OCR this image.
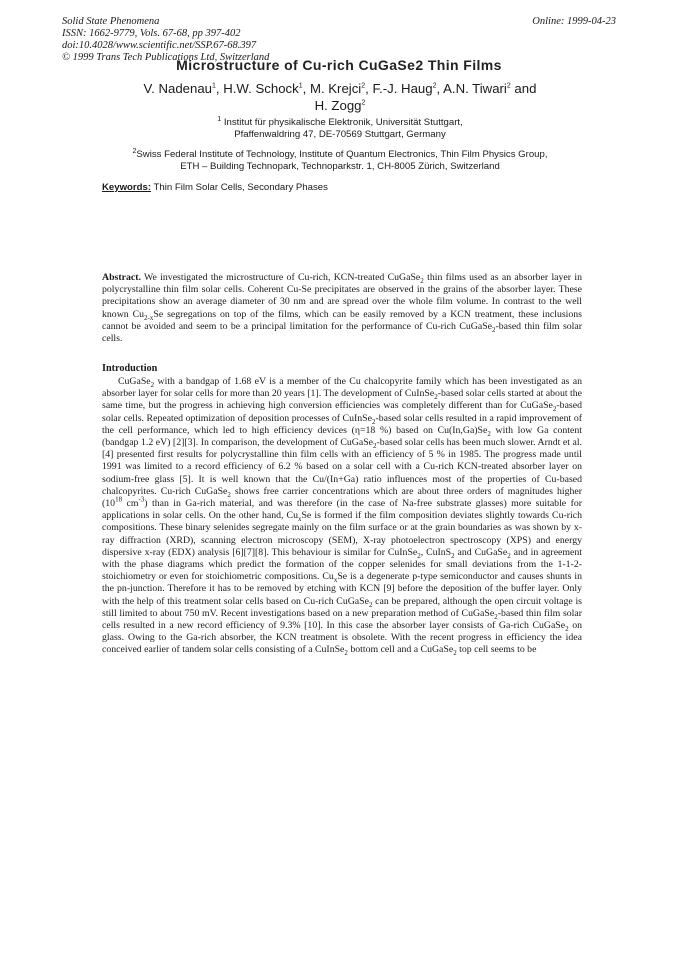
Solid State Phenomena
ISSN: 1662-9779, Vols. 67-68, pp 397-402
doi:10.4028/www.scientific.net/SSP.67-68.397
© 1999 Trans Tech Publications Ltd, Switzerland
Online: 1999-04-23
Microstructure of Cu-rich CuGaSe2 Thin Films
V. Nadenau$^1$, H.W. Schock$^1$, M. Krejci$^2$, F.-J. Haug$^2$, A.N. Tiwari$^2$ and
H. Zogg$^2$
$^1$ Institut für physikalische Elektronik, Universität Stuttgart,
Pfaffenwaldring 47, DE-70569 Stuttgart, Germany
$^2$Swiss Federal Institute of Technology, Institute of Quantum Electronics, Thin Film Physics Group,
ETH – Building Technopark, Technoparkstr. 1, CH-8005 Zürich, Switzerland
Keywords: Thin Film Solar Cells, Secondary Phases
Abstract. We investigated the microstructure of Cu-rich, KCN-treated CuGaSe$_2$ thin films used as an absorber layer in polycrystalline thin film solar cells. Coherent Cu-Se precipitates are observed in the grains of the absorber layer. These precipitations show an average diameter of 30 nm and are spread over the whole film volume. In contrast to the well known $Cu_{2-x}Se$ segregations on top of the films, which can be easily removed by a KCN treatment, these inclusions cannot be avoided and seem to be a principal limitation for the performance of Cu-rich CuGaSe$_2$-based thin film solar cells.
Introduction
CuGaSe$_2$ with a bandgap of 1.68 eV is a member of the Cu chalcopyrite family which has been investigated as an absorber layer for solar cells for more than 20 years [1]. The development of CuInSe$_2$-based solar cells started at about the same time, but the progress in achieving high conversion efficiencies was completely different than for CuGaSe$_2$-based solar cells. Repeated optimization of deposition processes of CuInSe$_2$-based solar cells resulted in a rapid improvement of the cell performance, which led to high efficiency devices (η=18 %) based on $Cu(In,Ga)Se_2$ with low Ga content (bandgap 1.2 eV) [2][3]. In comparison, the development of CuGaSe$_2$-based solar cells has been much slower. Arndt et al.[4] presented first results for polycrystalline thin film cells with an efficiency of 5 % in 1985. The progress made until 1991 was limited to a record efficiency of 6.2 % based on a solar cell with a Cu-rich KCN-treated absorber layer on sodium-free glass [5]. It is well known that the Cu/(In+Ga) ratio influences most of the properties of Cu-based chalcopyrites. Cu-rich CuGaSe$_2$ shows free carrier concentrations which are about three orders of magnitudes higher ($10^{18}$ $cm^{-3}$) than in Ga-rich material, and was therefore (in the case of Na-free substrate glasses) more suitable for applications in solar cells. On the other hand, $Cu_xSe$ is formed if the film composition deviates slightly towards Cu-rich compositions. These binary selenides segregate mainly on the film surface or at the grain boundaries as was shown by x-ray diffraction (XRD), scanning electron microscopy (SEM), X-ray photoelectron spectroscopy (XPS) and energy dispersive x-ray (EDX) analysis [6][7][8]. This behaviour is similar for CuInSe$_2$, CuInS$_2$ and CuGaSe$_2$ and in agreement with the phase diagrams which predict the formation of the copper selenides for small deviations from the 1-1-2-stoichiometry or even for stoichiometric compositions. $Cu_xSe$ is a degenerate p-type semiconductor and causes shunts in the pn-junction. Therefore it has to be removed by etching with KCN [9] before the deposition of the buffer layer. Only with the help of this treatment solar cells based on Cu-rich CuGaSe$_2$ can be prepared, although the open circuit voltage is still limited to about 750 mV. Recent investigations based on a new preparation method of CuGaSe$_2$-based thin film solar cells resulted in a new record efficiency of 9.3% [10]. In this case the absorber layer consists of Ga-rich CuGaSe$_2$ on glass. Owing to the Ga-rich absorber, the KCN treatment is obsolete. With the recent progress in efficiency the idea conceived earlier of tandem solar cells consisting of a CuInSe$_2$ bottom cell and a CuGaSe$_2$ top cell seems to be
